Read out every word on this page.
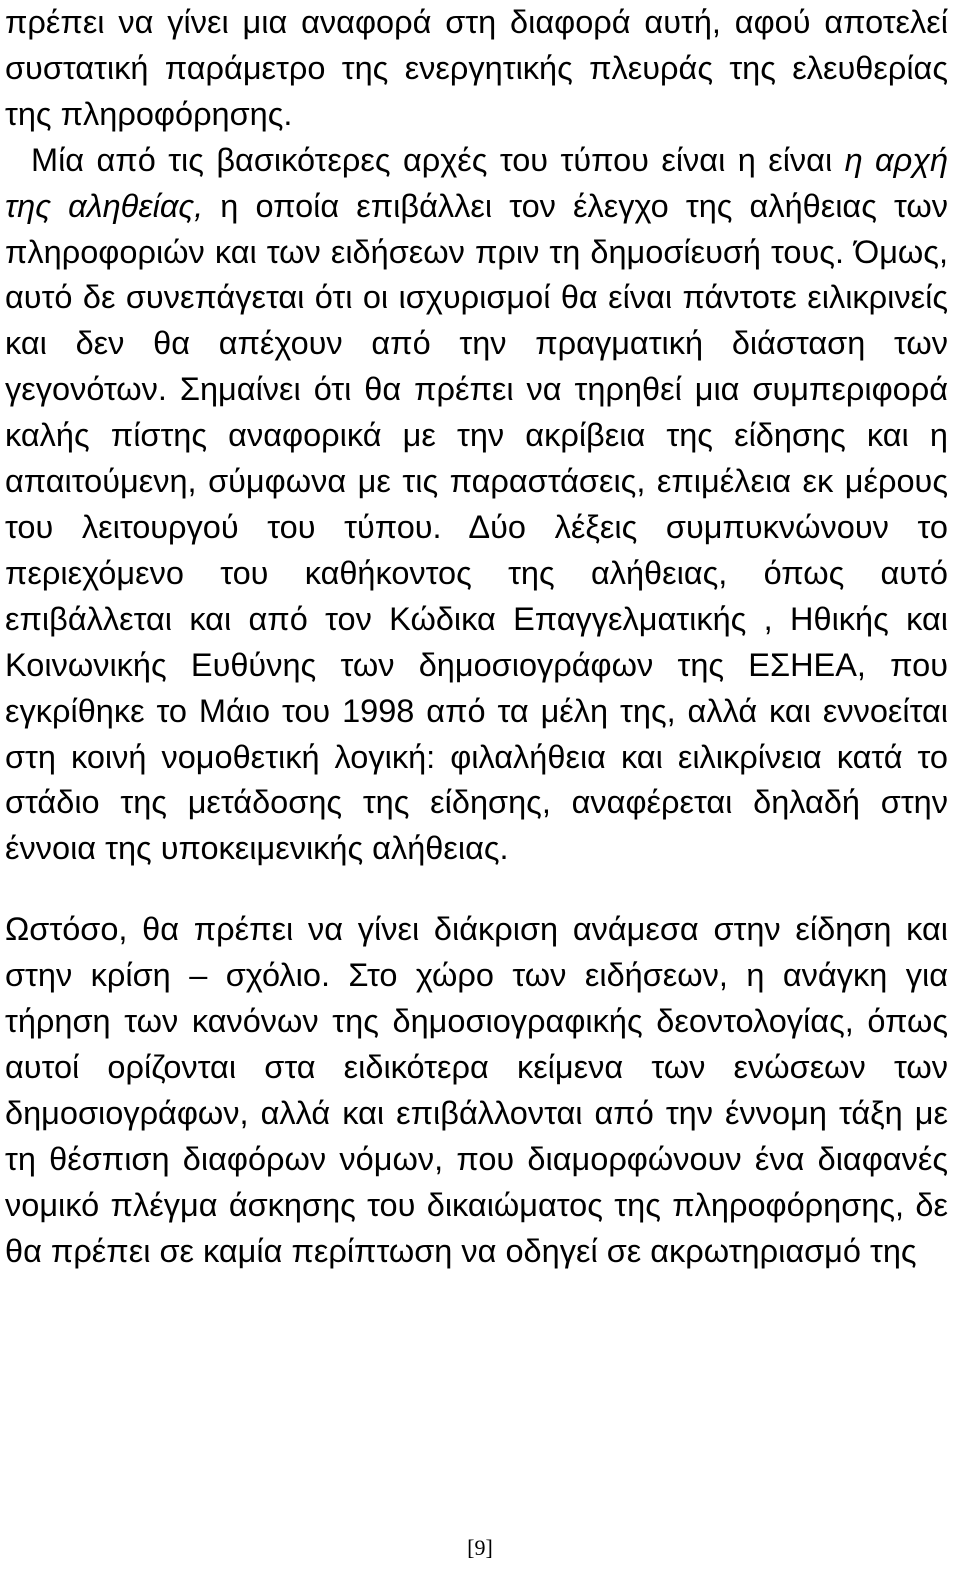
πρέπει να γίνει μια αναφορά στη διαφορά αυτή, αφού αποτελεί συστατική παράμετρο της ενεργητικής πλευράς της ελευθερίας της πληροφόρησης.
Μία από τις βασικότερες αρχές του τύπου είναι η είναι η αρχή της αληθείας, η οποία επιβάλλει τον έλεγχο της αλήθειας των πληροφοριών και των ειδήσεων πριν τη δημοσίευσή τους. Όμως, αυτό δε συνεπάγεται ότι οι ισχυρισμοί θα είναι πάντοτε ειλικρινείς και δεν θα απέχουν από την πραγματική διάσταση των γεγονότων. Σημαίνει ότι θα πρέπει να τηρηθεί μια συμπεριφορά καλής πίστης αναφορικά με την ακρίβεια της είδησης και η απαιτούμενη, σύμφωνα με τις παραστάσεις, επιμέλεια εκ μέρους του λειτουργού του τύπου. Δύο λέξεις συμπυκνώνουν το περιεχόμενο του καθήκοντος της αλήθειας, όπως αυτό επιβάλλεται και από τον Κώδικα Επαγγελματικής , Ηθικής και Κοινωνικής Ευθύνης των δημοσιογράφων της ΕΣΗΕΑ, που εγκρίθηκε το Μάιο του 1998 από τα μέλη της, αλλά και εννοείται στη κοινή νομοθετική λογική: φιλαλήθεια και ειλικρίνεια κατά το στάδιο της μετάδοσης της είδησης, αναφέρεται δηλαδή στην έννοια της υποκειμενικής αλήθειας.

Ωστόσο, θα πρέπει να γίνει διάκριση ανάμεσα στην είδηση και στην κρίση – σχόλιο. Στο χώρο των ειδήσεων, η ανάγκη για τήρηση των κανόνων της δημοσιογραφικής δεοντολογίας, όπως αυτοί ορίζονται στα ειδικότερα κείμενα των ενώσεων των δημοσιογράφων, αλλά και επιβάλλονται από την έννομη τάξη με τη θέσπιση διαφόρων νόμων, που διαμορφώνουν ένα διαφανές νομικό πλέγμα άσκησης του δικαιώματος της πληροφόρησης, δε θα πρέπει σε καμία περίπτωση να οδηγεί σε ακρωτηριασμό της

[9]
